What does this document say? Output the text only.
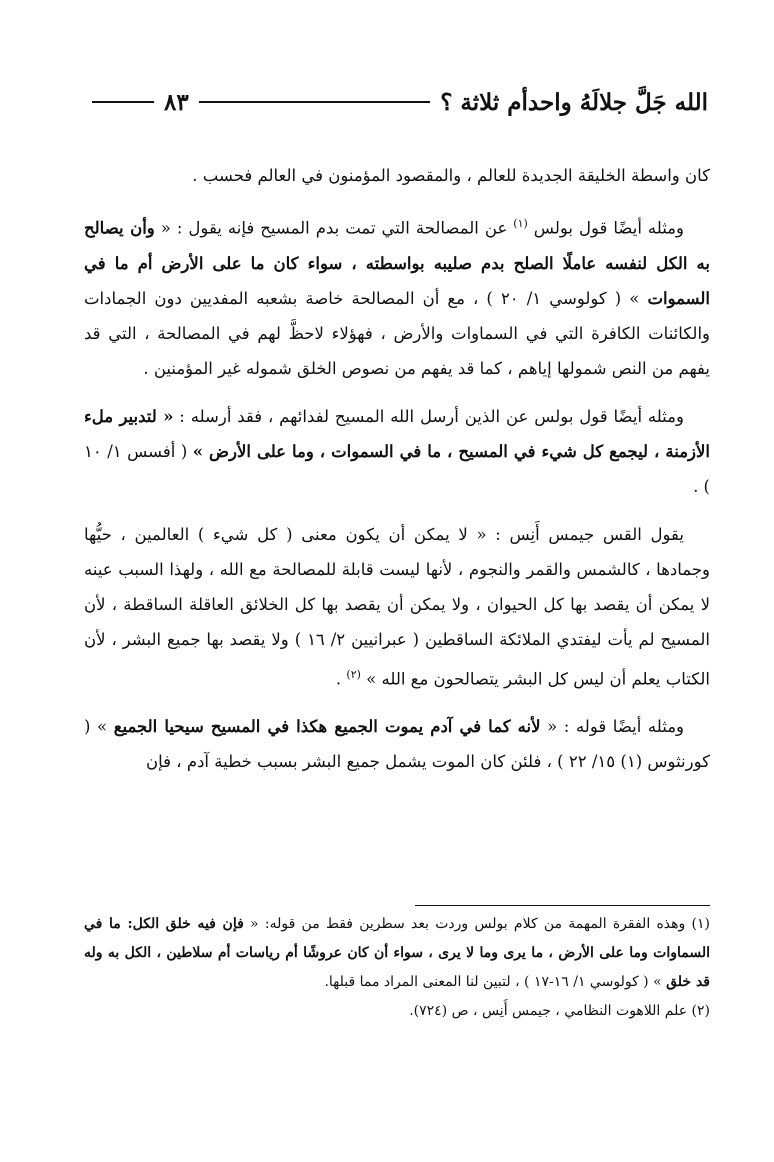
الله جَلَّ جلالَهُ واحدأم ثلاثة ؟
٨٣

كان واسطة الخليقة الجديدة للعالم ، والمقصود المؤمنون في العالم فحسب .

ومثله أيضًا قول بولس $^{(١)}$ عن المصالحة التي تمت بدم المسيح فإنه يقول : « وأن يصالح به الكل لنفسه عاملًا الصلح بدم صليبه بواسطته ، سواء كان ما على الأرض أم ما في السموات » ( كولوسي ١/ ٢٠ ) ، مع أن المصالحة خاصة بشعبه المفديين دون الجمادات والكائنات الكافرة التي في السماوات والأرض ، فهؤلاء لاحظَّ لهم في المصالحة ، التي قد يفهم من النص شمولها إياهم ، كما قد يفهم من نصوص الخلق شموله غير المؤمنين .

ومثله أيضًا قول بولس عن الذين أرسل الله المسيح لفدائهم ، فقد أرسله : « لتدبير ملء الأزمنة ، ليجمع كل شيء في المسيح ، ما في السموات ، وما على الأرض » ( أفسس ١/ ١٠ ) .

يقول القس جيمس أَنِس : « لا يمكن أن يكون معنى ( كل شيء ) العالمين ، حيُّها وجمادها ، كالشمس والقمر والنجوم ، لأنها ليست قابلة للمصالحة مع الله ، ولهذا السبب عينه لا يمكن أن يقصد بها كل الحيوان ، ولا يمكن أن يقصد بها كل الخلائق العاقلة الساقطة ، لأن المسيح لم يأت ليفتدي الملائكة الساقطين ( عبرانيين ٢/ ١٦ ) ولا يقصد بها جميع البشر ، لأن الكتاب يعلم أن ليس كل البشر يتصالحون مع الله » $^{(٢)}$ .

ومثله أيضًا قوله : « لأنه كما في آدم يموت الجميع هكذا في المسيح سيحيا الجميع » ( كورنثوس (١) ١٥/ ٢٢ ) ، فلئن كان الموت يشمل جميع البشر بسبب خطية آدم ، فإن

(١) وهذه الفقرة المهمة من كلام بولس وردت بعد سطرين فقط من قوله: « فإن فيه خلق الكل: ما في السماوات وما على الأرض ، ما يرى وما لا يرى ، سواء أن كان عروشًا أم رياسات أم سلاطين ، الكل به وله قد خلق » ( كولوسي ١/ ١٦-١٧ ) ، لتبين لنا المعنى المراد مما قبلها.

(٢) علم اللاهوت النظامي ، جيمس أَنِس ، ص (٧٢٤).
